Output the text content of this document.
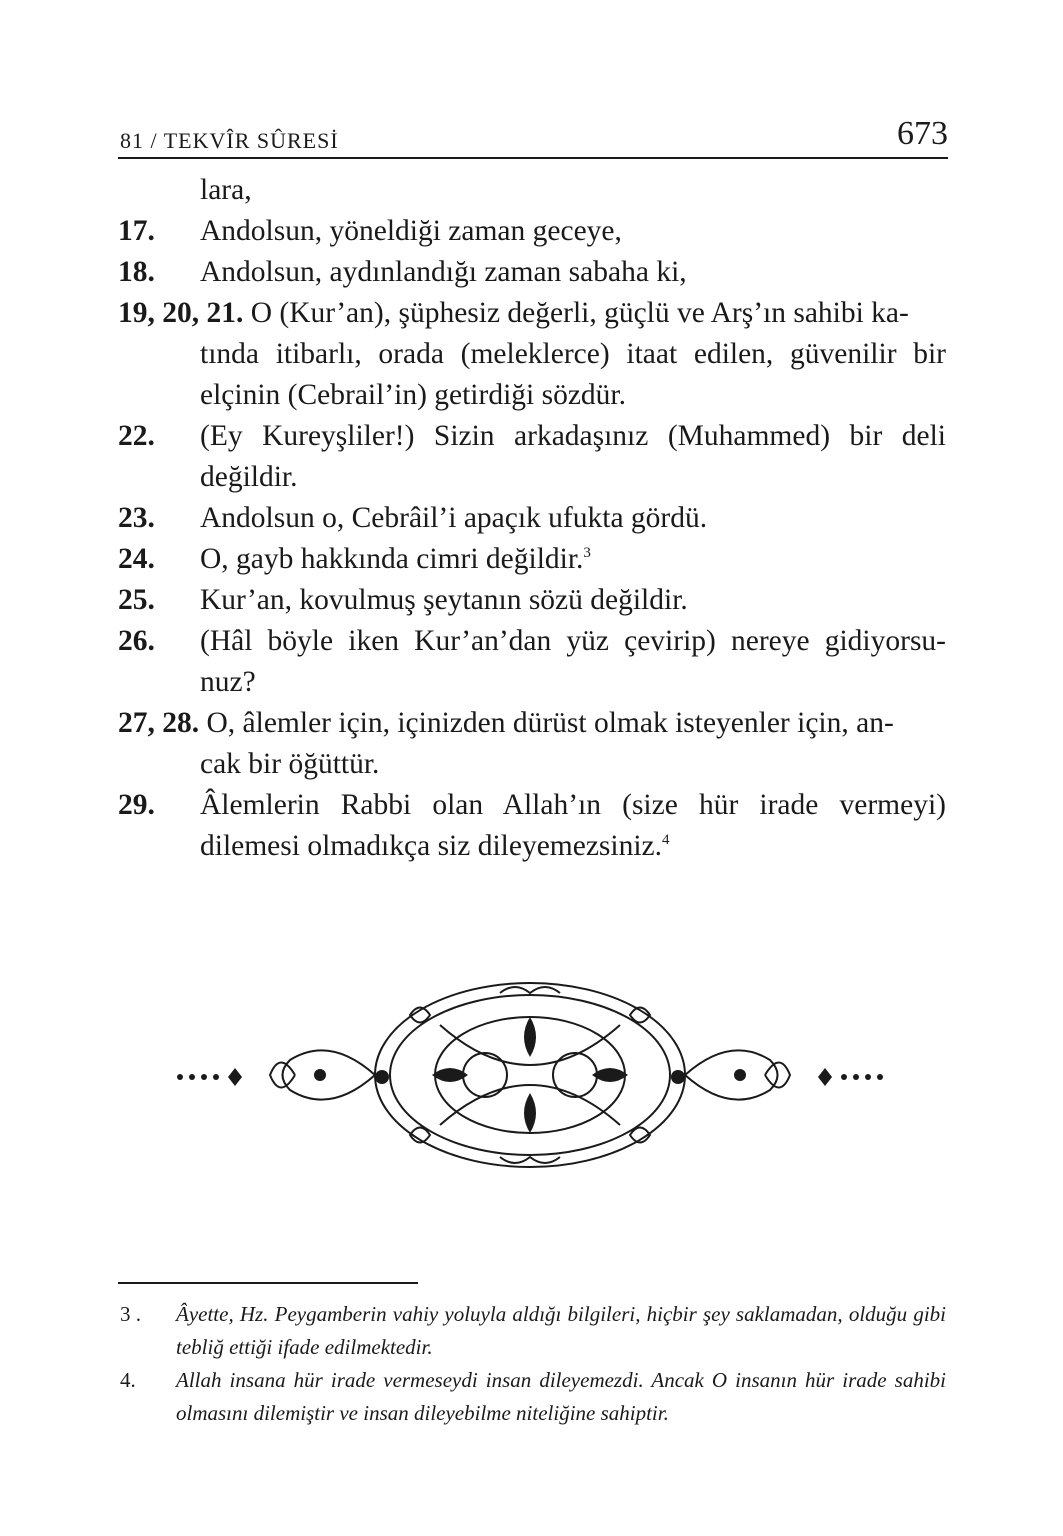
81 / TEKVÎR SÛRESİ	673
lara,
17.	Andolsun, yöneldiği zaman geceye,
18.	Andolsun, aydınlandığı zaman sabaha ki,
19, 20, 21. O (Kur’an), şüphesiz değerli, güçlü ve Arş’ın sahibi ka-
tında itibarlı, orada (meleklerce) itaat edilen, güvenilir bir elçinin (Cebrail’in) getirdiği sözdür.
22.	(Ey Kureyşliler!) Sizin arkadaşınız (Muhammed) bir deli değildir.
23.	Andolsun o, Cebrâil’i apaçık ufukta gördü.
24.	O, gayb hakkında cimri değildir.$^3$
25.	Kur’an, kovulmuş şeytanın sözü değildir.
26.	(Hâl böyle iken Kur’an’dan yüz çevirip) nereye gidiyorsu-nuz?
27, 28. O, âlemler için, içinizden dürüst olmak isteyenler için, an-
cak bir öğüttür.
29.	Âlemlerin Rabbi olan Allah’ın (size hür irade vermeyi) dilemesi olmadıkça siz dileyemezsiniz.$^4$
3 .	Âyette, Hz. Peygamberin vahiy yoluyla aldığı bilgileri, hiçbir şey saklamadan, olduğu gibi tebliğ ettiği ifade edilmektedir.
4.	Allah insana hür irade vermeseydi insan dileyemezdi. Ancak O insanın hür irade sahibi olmasını dilemiştir ve insan dileyebilme niteliğine sahiptir.
